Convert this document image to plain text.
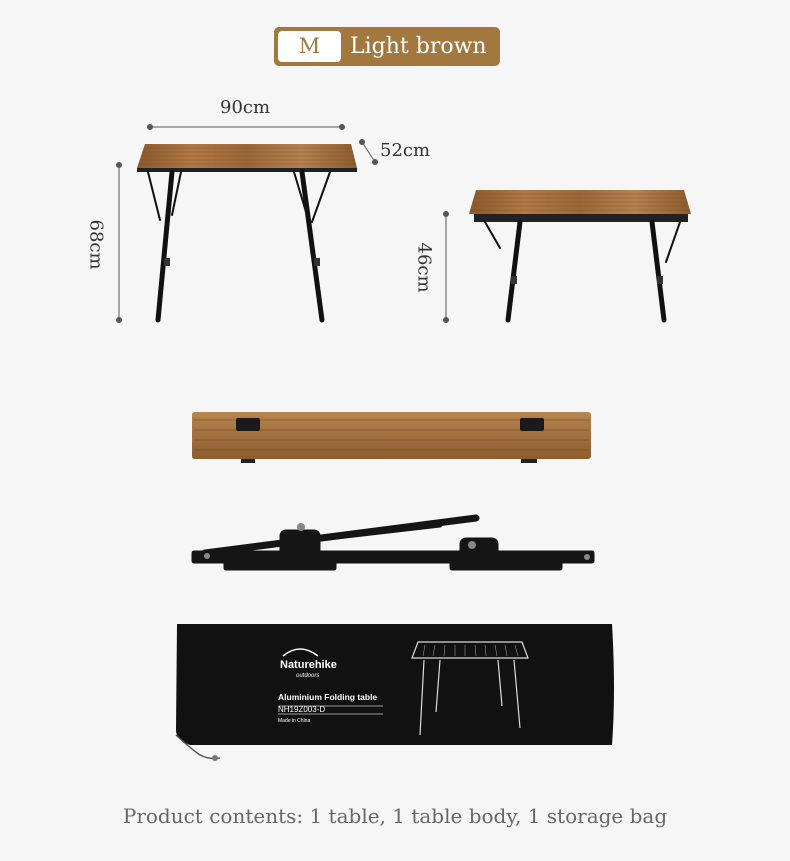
M	Light brown
Naturehike
outdoors
Aluminium Folding table
NH19Z003-D
Made in China
90cm
52cm
68cm	46cm
Product contents: 1 table, 1 table body, 1 storage bag
